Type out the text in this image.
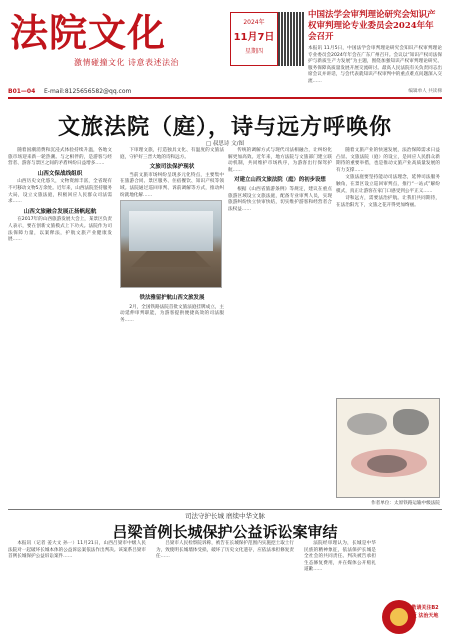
法院文化
激情碰撞文化 诗意表述法治
2024年
11月7日
星期四
中国法学会审判理论研究会知识产权审判理论专业委员会2024年年会召开
本报讯 11月5日，中国法学会审判理论研究会知识产权审判理论专业委员会2024年年会在广东广州召开。会议以“知识产权司法保护与新质生产力发展”为主题，围绕加强知识产权审判理论研究、服务保障高质量发展开展交流研讨。最高人民法院有关负责同志出席会议并讲话，与会代表就知识产权审判中的重点难点问题深入交流……
编辑单人 共读梯
B01—04 E-mail:8125656582@qq.com
文旅法院（庭），诗与远方呼唤你
□ 叔思诗 文/图

随着国潮消费和沉浸式体验持续升温，各地文旅市场迎来新一轮热潮。与之相伴的，是游客与经营者、游客与景区之间的矛盾纠纷日益增多……

山西文保战线组织

山西历史文化悠久，文物资源丰富，全省现有不可移动文物5万余处。近年来，山西法院坚持服务大局，设立文旅法庭，积极回应人民群众司法需求……

山西文旅融合发展正扬帆起航

在2017年的山西旅游发展大会上，某景区负责人表示，要在创新文旅模式上下功夫。法院作为司法保障力量，以案释法，护航文旅产业健康发展……

下审理文旅，打造独具文化、有温度的文旅法庭，守护好三晋大地的诗和远方。

文旅司法保护现状

当前文旅市场纠纷呈现多元化特点，主要集中在旅游合同、景区服务、住宿餐饮、知识产权等领域。法院通过巡回审判、诉前调解等方式，推动纠纷就地化解……

铁法雅留护航山西文旅发展

2月，全国铁路法院首批文旅法庭挂牌成立，主动延伸审判职能，为游客提供便捷高效的司法服务……

传统的调解方式与现代司法相融合，让纠纷化解更加高效。近年来，地方法院与文旅部门建立联动机制，共同维护市场秩序，为游客出行保驾护航……

对建立山西文旅法院（庭）的初步设想

根据《山西省旅游条例》等规定，建议在重点旅游区域设立文旅法庭，配备专业审判人员，实现旅游纠纷快立快审快结，切实维护游客和经营者合法权益……

随着文旅产业的快速发展，法治保障需求日益凸显。文旅法院（庭）的设立，是回应人民群众新期待的重要举措，也是推动文旅产业高质量发展的有力支撑……

文旅法庭要坚持能动司法理念，延伸司法服务触角，在景区设立巡回审判点，推行“一站式”解纷模式，真正让游客在家门口感受到公平正义……

诗和远方，需要法治护航。让我们共同期待，在法治阳光下，文旅之花开得更加绚丽。

作者单位：太原铁路运输中级法院
司法守护长城 磨续中华文脉
吕梁首例长城保护公益诉讼案审结

本报讯（记者 姜大文 孙一）11月21日，山西吕梁市中级人民法院对一起破坏长城本体的公益诉讼案依法作出判决。该案系吕梁市首例长城保护公益诉讼案件……

吕梁市人民检察院诉称，被告在长城保护范围内实施挖土取土行为，致使明长城墙体受损，破坏了历史文化遗存，应依法承担修复责任……

法院经审理认为，长城是中华民族的精神象征，依法保护长城是全社会的共同责任。判决被告承担生态修复费用，并在媒体公开赔礼道歉……

敬请关注B2版 法治天地
